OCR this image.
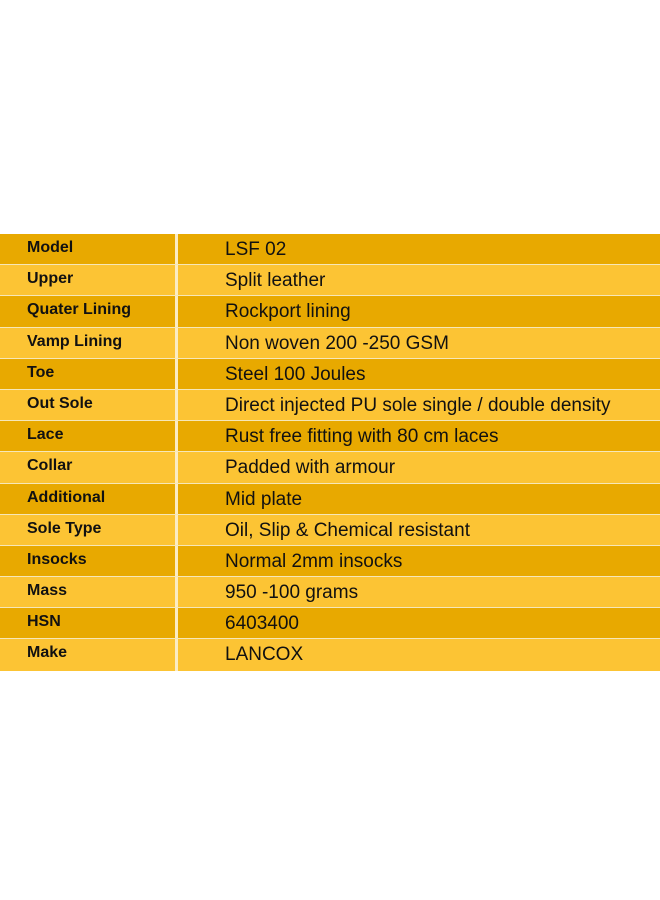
Model	LSF 02
Upper	Split leather
Quater Lining	Rockport lining
Vamp Lining	Non woven 200 -250 GSM
Toe	Steel 100 Joules
Out Sole	Direct injected PU sole single / double density
Lace	Rust free fitting with 80 cm laces
Collar	Padded with armour
Additional	Mid plate
Sole Type	Oil, Slip & Chemical resistant
Insocks	Normal 2mm insocks
Mass	950 -100 grams
HSN	6403400
Make	LANCOX
